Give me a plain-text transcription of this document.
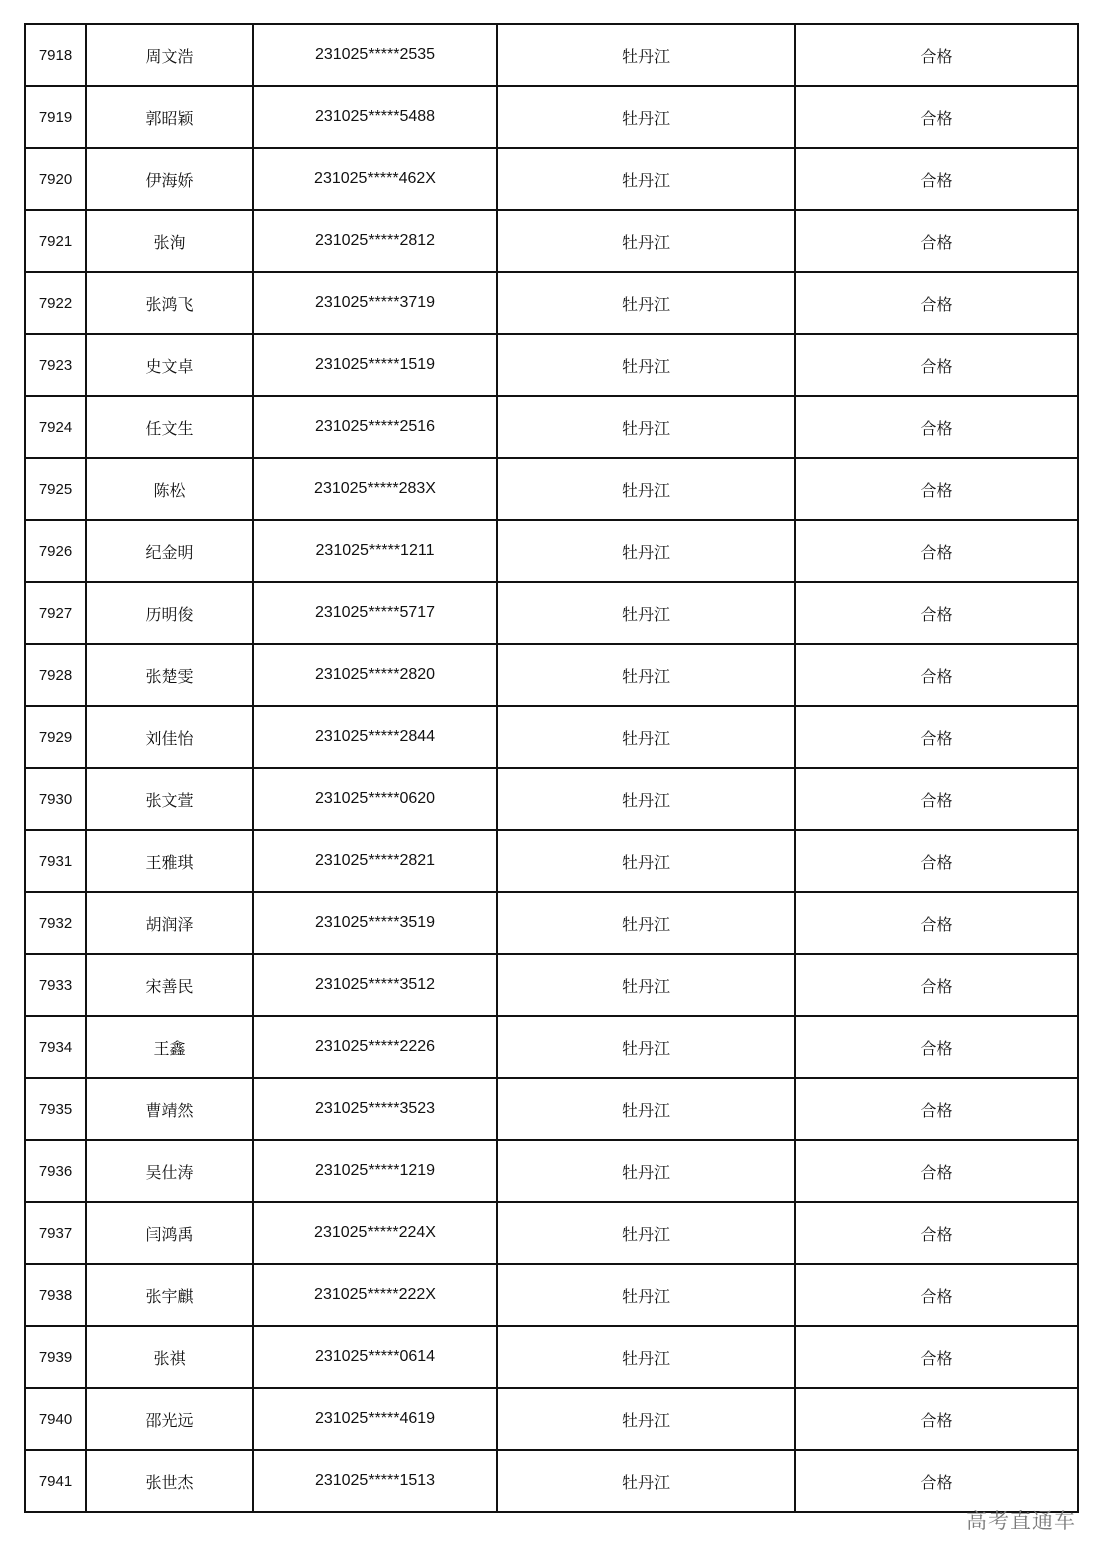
7918	周文浩	231025*****2535	牡丹江	合格
7919	郭昭颖	231025*****5488	牡丹江	合格
7920	伊海娇	231025*****462X	牡丹江	合格
7921	张洵	231025*****2812	牡丹江	合格
7922	张鸿飞	231025*****3719	牡丹江	合格
7923	史文卓	231025*****1519	牡丹江	合格
7924	任文生	231025*****2516	牡丹江	合格
7925	陈松	231025*****283X	牡丹江	合格
7926	纪金明	231025*****1211	牡丹江	合格
7927	历明俊	231025*****5717	牡丹江	合格
7928	张楚雯	231025*****2820	牡丹江	合格
7929	刘佳怡	231025*****2844	牡丹江	合格
7930	张文萱	231025*****0620	牡丹江	合格
7931	王雅琪	231025*****2821	牡丹江	合格
7932	胡润泽	231025*****3519	牡丹江	合格
7933	宋善民	231025*****3512	牡丹江	合格
7934	王鑫	231025*****2226	牡丹江	合格
7935	曹靖然	231025*****3523	牡丹江	合格
7936	吴仕涛	231025*****1219	牡丹江	合格
7937	闫鸿禹	231025*****224X	牡丹江	合格
7938	张宇麒	231025*****222X	牡丹江	合格
7939	张祺	231025*****0614	牡丹江	合格
7940	邵光远	231025*****4619	牡丹江	合格
7941	张世杰	231025*****1513	牡丹江	合格
高考直通车
